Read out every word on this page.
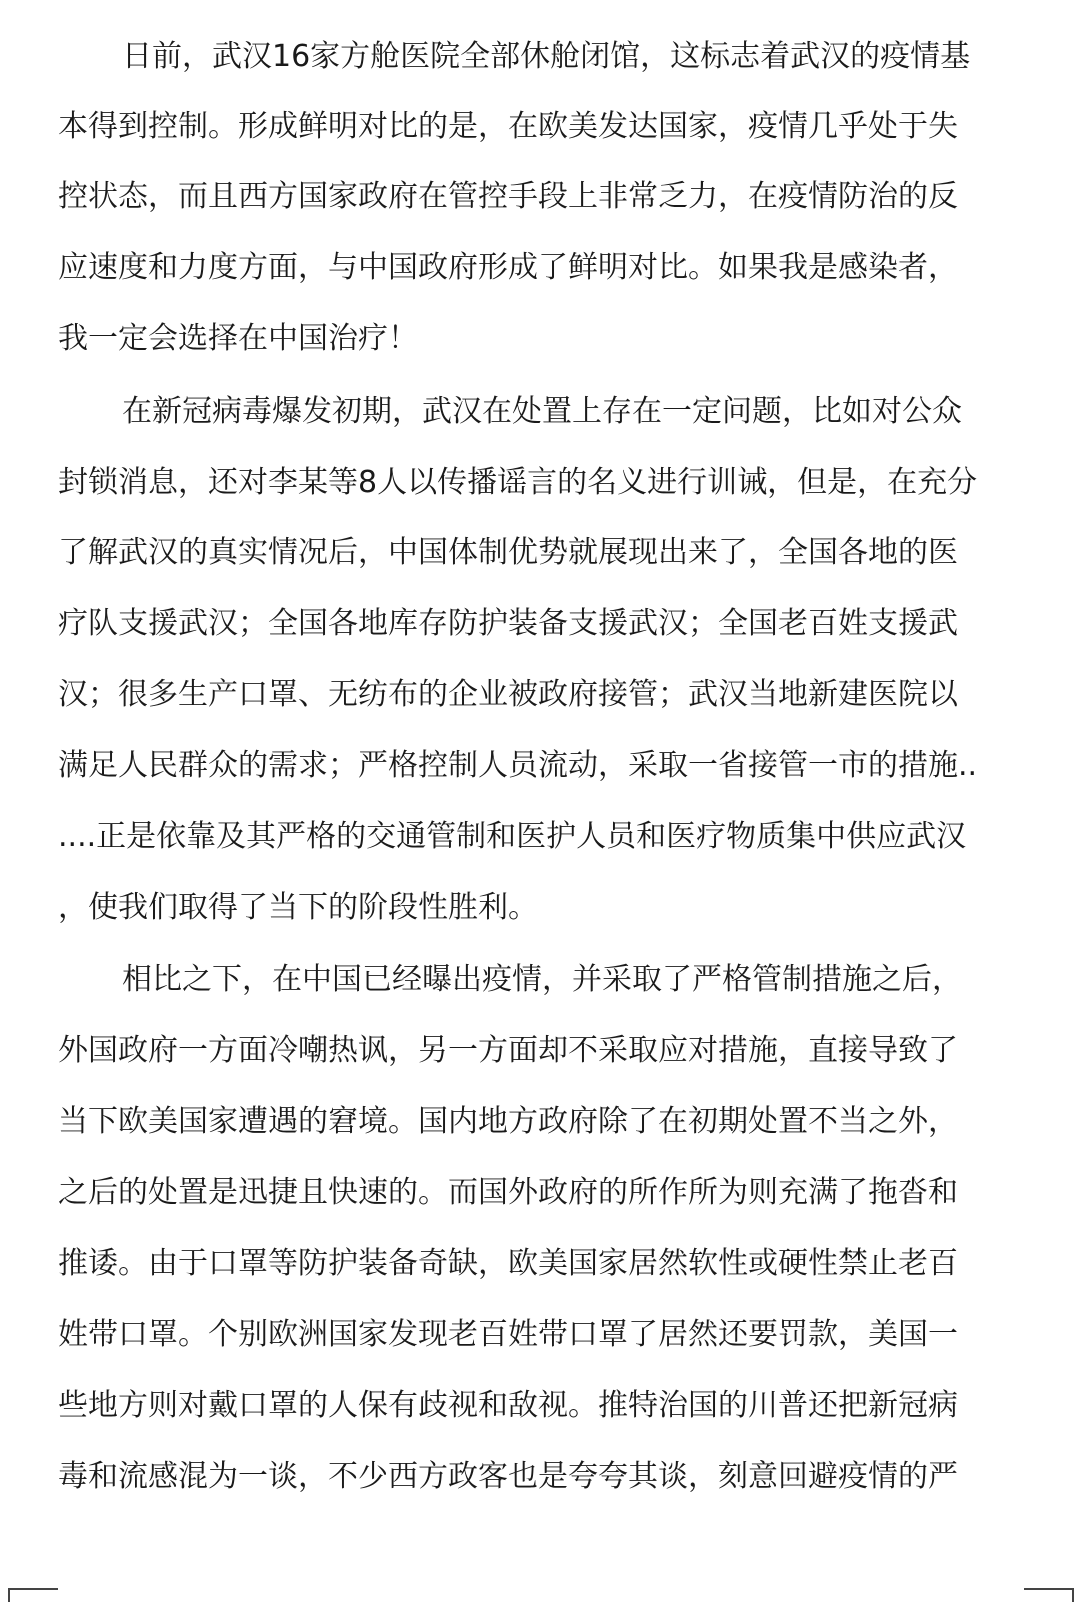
日前，武汉16家方舱医院全部休舱闭馆，这标志着武汉的疫情基
本得到控制。形成鲜明对比的是，在欧美发达国家，疫情几乎处于失
控状态，而且西方国家政府在管控手段上非常乏力，在疫情防治的反
应速度和力度方面，与中国政府形成了鲜明对比。如果我是感染者，
我一定会选择在中国治疗！
在新冠病毒爆发初期，武汉在处置上存在一定问题，比如对公众
封锁消息，还对李某等8人以传播谣言的名义进行训诫，但是，在充分
了解武汉的真实情况后，中国体制优势就展现出来了，全国各地的医
疗队支援武汉；全国各地库存防护装备支援武汉；全国老百姓支援武
汉；很多生产口罩、无纺布的企业被政府接管；武汉当地新建医院以
满足人民群众的需求；严格控制人员流动，采取一省接管一市的措施..
....正是依靠及其严格的交通管制和医护人员和医疗物质集中供应武汉
，使我们取得了当下的阶段性胜利。
相比之下，在中国已经曝出疫情，并采取了严格管制措施之后，
外国政府一方面冷嘲热讽，另一方面却不采取应对措施，直接导致了
当下欧美国家遭遇的窘境。国内地方政府除了在初期处置不当之外，
之后的处置是迅捷且快速的。而国外政府的所作所为则充满了拖沓和
推诿。由于口罩等防护装备奇缺，欧美国家居然软性或硬性禁止老百
姓带口罩。个别欧洲国家发现老百姓带口罩了居然还要罚款，美国一
些地方则对戴口罩的人保有歧视和敌视。推特治国的川普还把新冠病
毒和流感混为一谈，不少西方政客也是夸夸其谈，刻意回避疫情的严
